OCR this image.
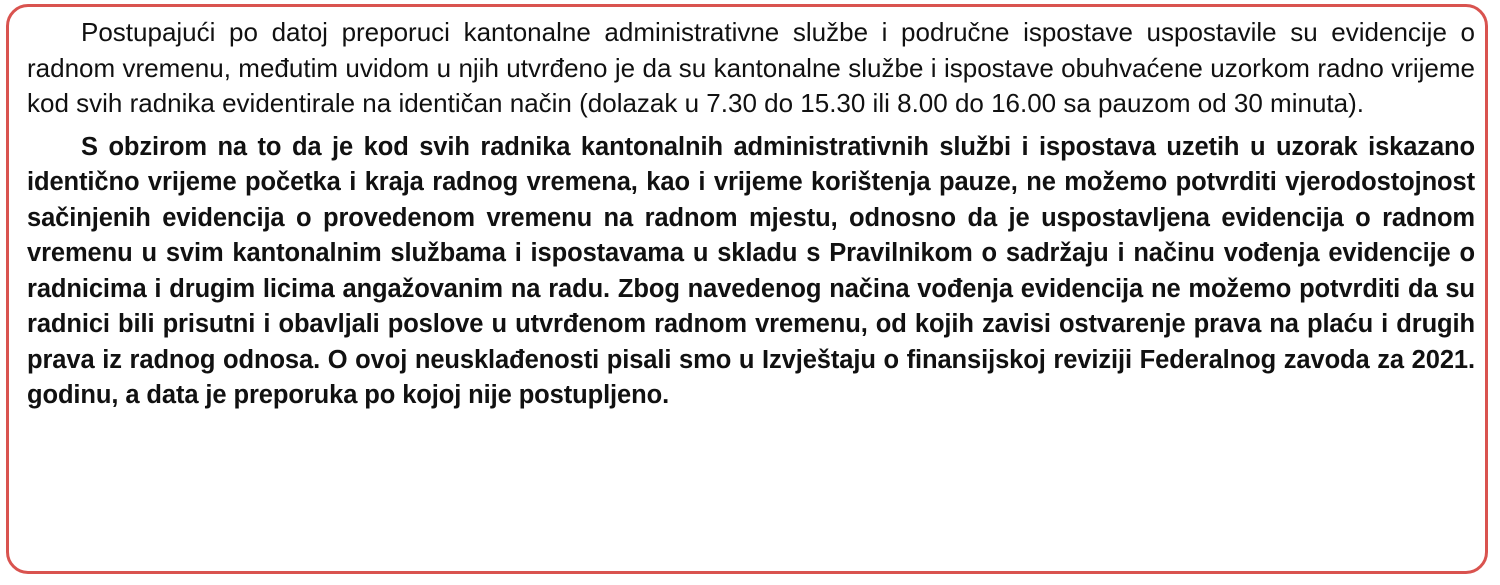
Postupajući po datoj preporuci kantonalne administrativne službe i područne ispostave uspostavile su evidencije o radnom vremenu, međutim uvidom u njih utvrđeno je da su kantonalne službe i ispostave obuhvaćene uzorkom radno vrijeme kod svih radnika evidentirale na identičan način (dolazak u 7.30 do 15.30 ili 8.00 do 16.00 sa pauzom od 30 minuta).

S obzirom na to da je kod svih radnika kantonalnih administrativnih službi i ispostava uzetih u uzorak iskazano identično vrijeme početka i kraja radnog vremena, kao i vrijeme korištenja pauze, ne možemo potvrditi vjerodostojnost sačinjenih evidencija o provedenom vremenu na radnom mjestu, odnosno da je uspostavljena evidencija o radnom vremenu u svim kantonalnim službama i ispostavama u skladu s Pravilnikom o sadržaju i načinu vođenja evidencije o radnicima i drugim licima angažovanim na radu. Zbog navedenog načina vođenja evidencija ne možemo potvrditi da su radnici bili prisutni i obavljali poslove u utvrđenom radnom vremenu, od kojih zavisi ostvarenje prava na plaću i drugih prava iz radnog odnosa. O ovoj neusklađenosti pisali smo u Izvještaju o finansijskoj reviziji Federalnog zavoda za 2021. godinu, a data je preporuka po kojoj nije postupljeno.
